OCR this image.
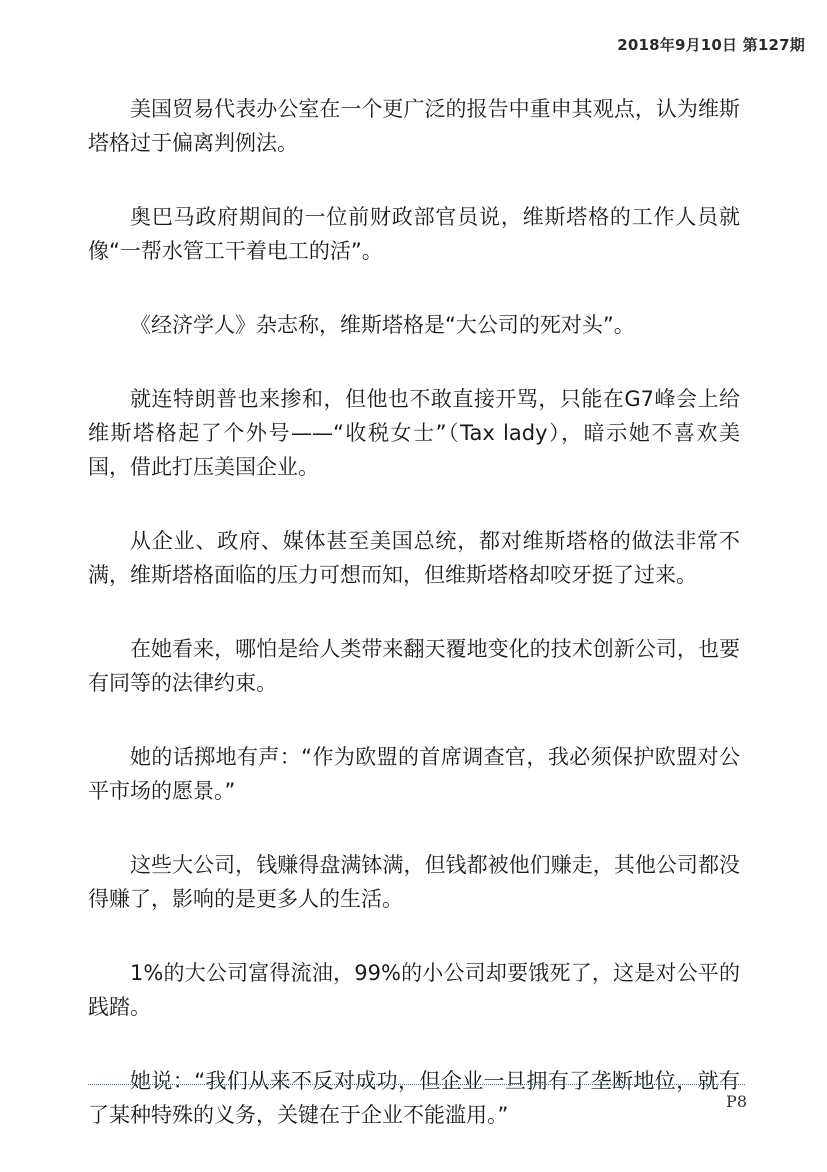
2018年9月10日 第127期

美国贸易代表办公室在一个更广泛的报告中重申其观点，认为维斯塔格过于偏离判例法。

奥巴马政府期间的一位前财政部官员说，维斯塔格的工作人员就像“一帮水管工干着电工的活”。

《经济学人》杂志称，维斯塔格是“大公司的死对头”。

就连特朗普也来掺和，但他也不敢直接开骂，只能在G7峰会上给维斯塔格起了个外号——“收税女士”（Tax lady），暗示她不喜欢美国，借此打压美国企业。

从企业、政府、媒体甚至美国总统，都对维斯塔格的做法非常不满，维斯塔格面临的压力可想而知，但维斯塔格却咬牙挺了过来。

在她看来，哪怕是给人类带来翻天覆地变化的技术创新公司，也要有同等的法律约束。

她的话掷地有声：“作为欧盟的首席调查官，我必须保护欧盟对公平市场的愿景。”

这些大公司，钱赚得盘满钵满，但钱都被他们赚走，其他公司都没得赚了，影响的是更多人的生活。

1%的大公司富得流油，99%的小公司却要饿死了，这是对公平的践踏。

她说：“我们从来不反对成功，但企业一旦拥有了垄断地位，就有了某种特殊的义务，关键在于企业不能滥用。”

P8
